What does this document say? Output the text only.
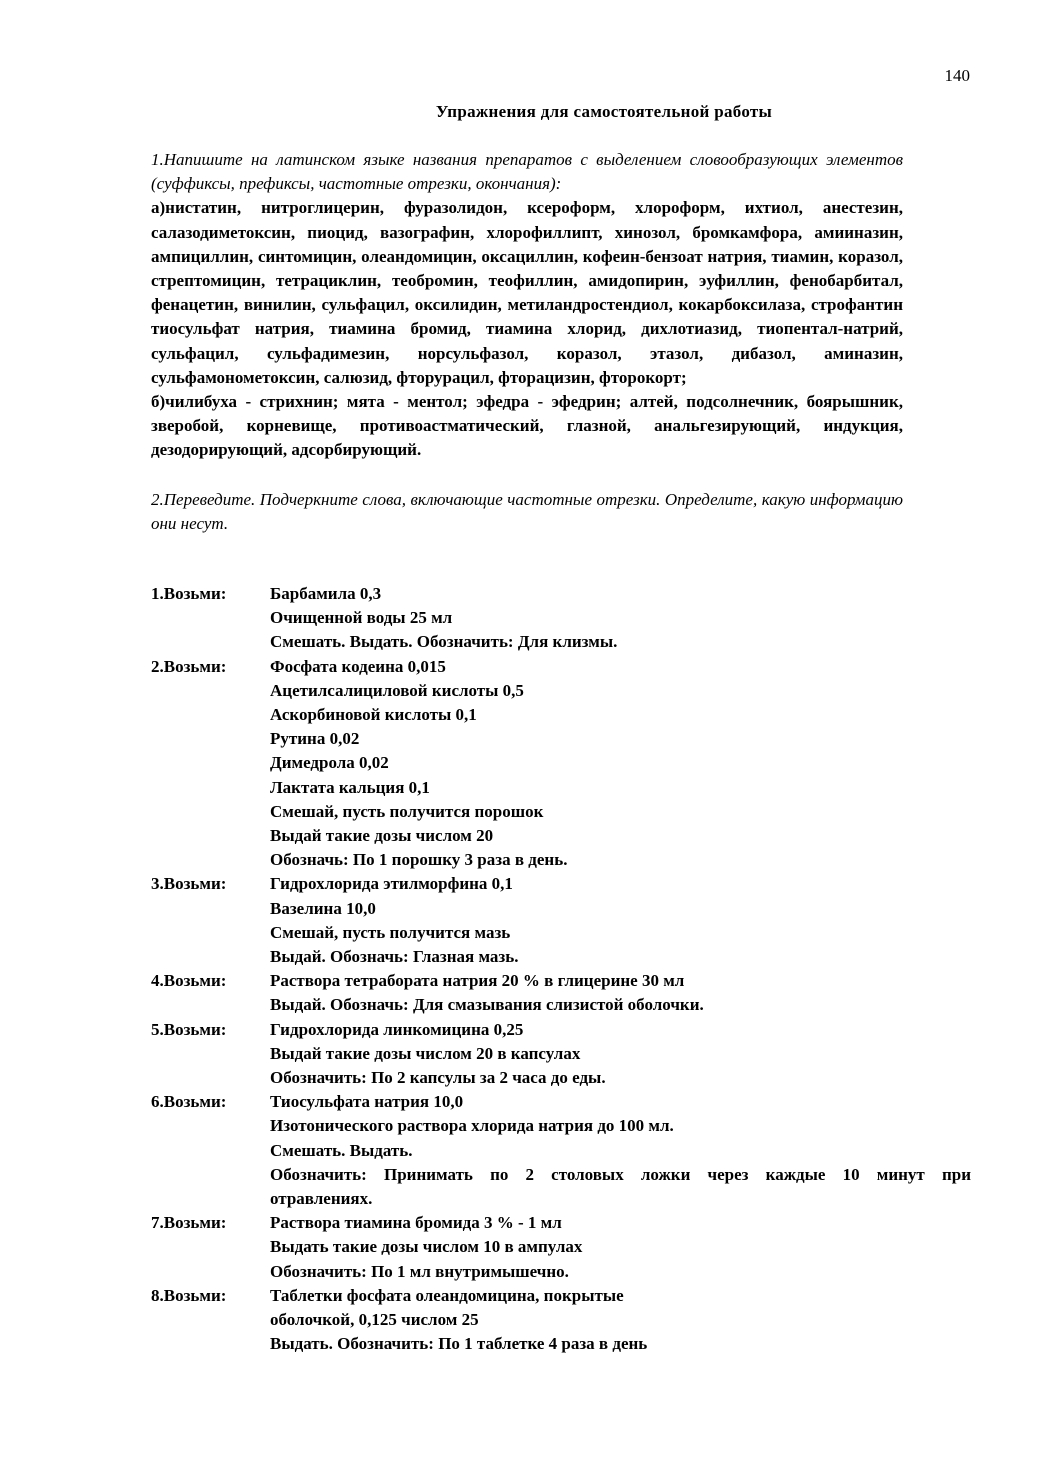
140
Упражнения для самостоятельной работы

1.Напишите на латинском языке названия препаратов с выделением словообразующих элементов (суффиксы, префиксы, частотные отрезки, окончания):

а)нистатин, нитроглицерин, фуразолидон, ксероформ, хлороформ, ихтиол, анестезин, салазодиметоксин, пиоцид, вазографин, хлорофиллипт, хинозол, бромкамфора, амииназин, ампициллин, синтомицин, олеандомицин, оксациллин, кофеин-бензоат натрия, тиамин, коразол, стрептомицин, тетрациклин, теобромин, теофиллин, амидопирин, эуфиллин, фенобарбитал, фенацетин, винилин, сульфацил, оксилидин, метиландростендиол, кокарбоксилаза, строфантин тиосульфат натрия, тиамина бромид, тиамина хлорид, дихлотиазид, тиопентал-натрий, сульфацил, сульфадимезин, норсульфазол, коразол, этазол, дибазол, аминазин, сульфамонометоксин, салюзид, фторурацил, фторацизин, фторокорт;

б)чилибуха - стрихнин; мята - ментол; эфедра - эфедрин; алтей, подсолнечник, боярышник, зверобой, корневище, противоастматический, глазной, анальгезирующий, индукция, дезодорирующий, адсорбирующий.

2.Переведите. Подчеркните слова, включающие частотные отрезки. Определите, какую информацию они несут.

1.Возьми:	Барбамила 0,3
Очищенной воды 25 мл
Смешать. Выдать. Обозначить: Для клизмы.
2.Возьми:	Фосфата кодеина 0,015
Ацетилсалициловой кислоты 0,5
Аскорбиновой кислоты 0,1
Рутина 0,02
Димедрола 0,02
Лактата кальция 0,1
Смешай, пусть получится порошок
Выдай такие дозы числом 20
Обозначь: По 1 порошку 3 раза в день.
3.Возьми:	Гидрохлорида этилморфина 0,1
Вазелина 10,0
Смешай, пусть получится мазь
Выдай. Обозначь: Глазная мазь.
4.Возьми:	Раствора тетрабората натрия 20 % в глицерине 30 мл
Выдай. Обозначь: Для смазывания слизистой оболочки.
5.Возьми:	Гидрохлорида линкомицина 0,25
Выдай такие дозы числом 20 в капсулах
Обозначить: По 2 капсулы за 2 часа до еды.
6.Возьми:	Тиосульфата натрия 10,0
Изотонического раствора хлорида натрия до 100 мл.
Смешать. Выдать.
Обозначить: Принимать по 2 столовых ложки через каждые 10 минут при
отравлениях.
7.Возьми:	Раствора тиамина бромида 3 % - 1 мл
Выдать такие дозы числом 10 в ампулах
Обозначить: По 1 мл внутримышечно.
8.Возьми:	Таблетки фосфата олеандомицина, покрытые
оболочкой, 0,125 числом 25
Выдать. Обозначить: По 1 таблетке 4 раза в день
